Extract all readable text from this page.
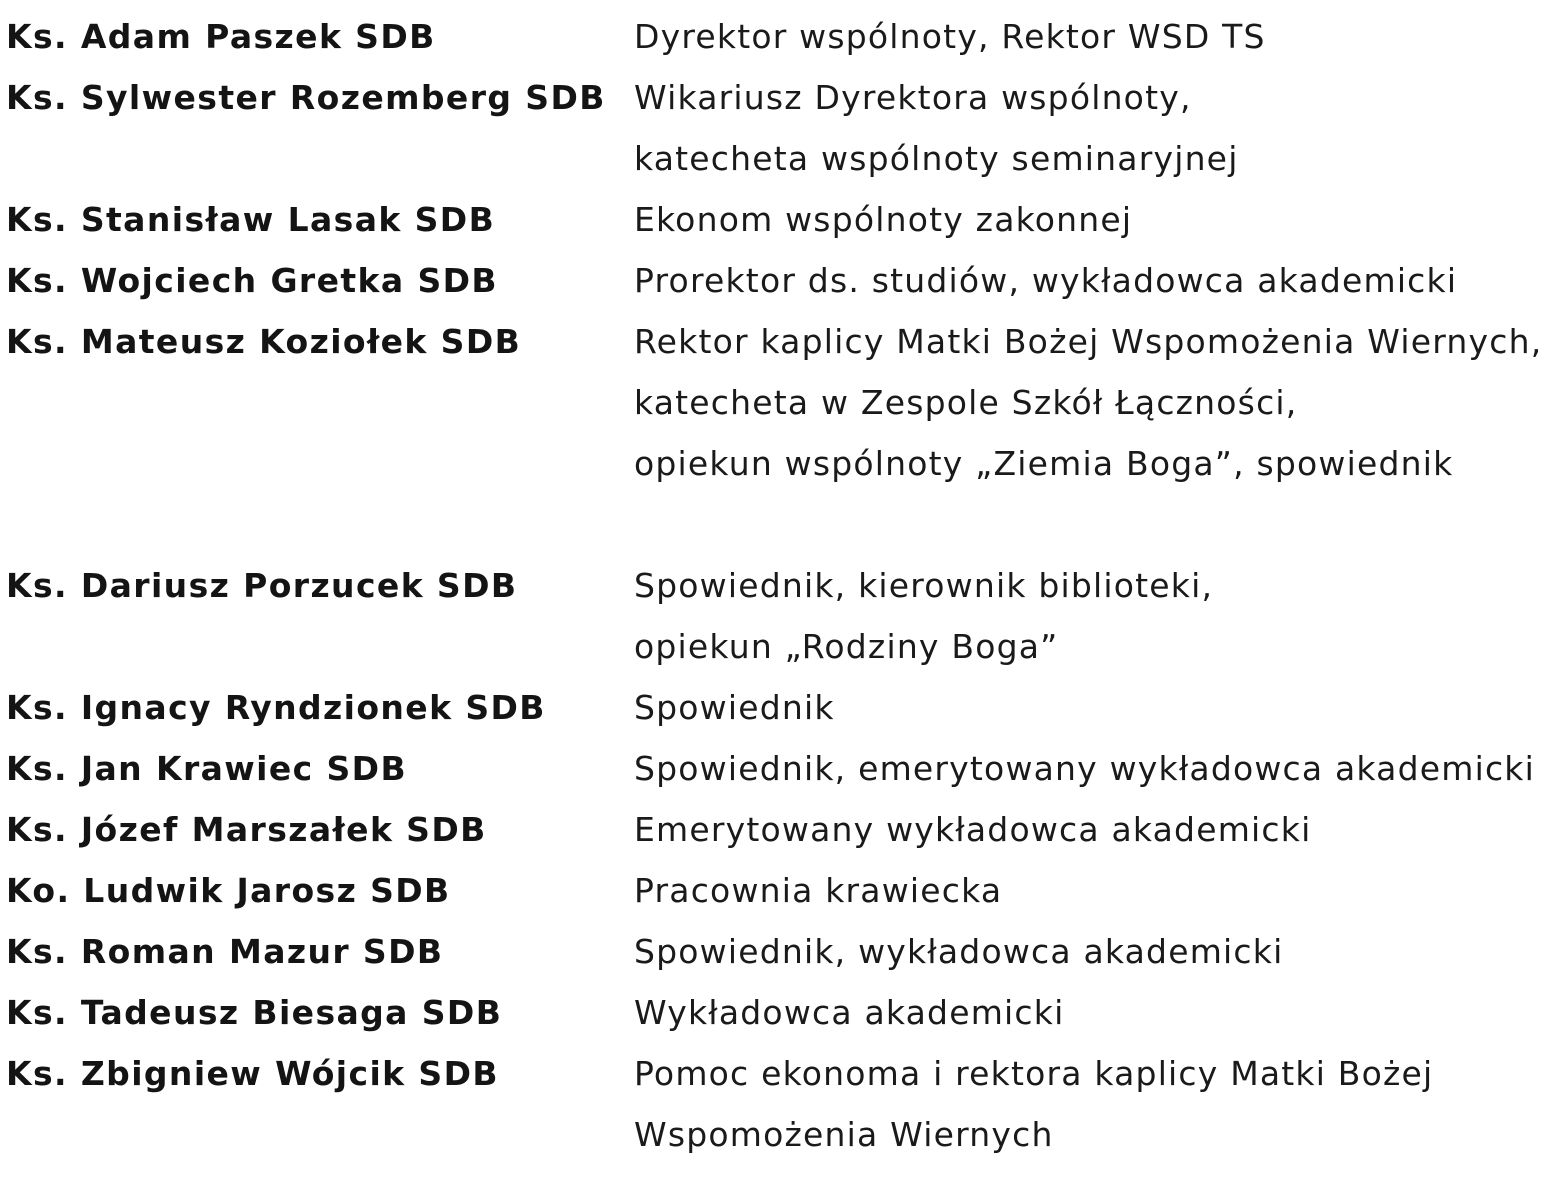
Ks. Adam Paszek SDB	Dyrektor wspólnoty, Rektor WSD TS
Ks. Sylwester Rozemberg SDB Wikariusz Dyrektora wspólnoty,
katecheta wspólnoty seminaryjnej
Ks. Stanisław Lasak SDB	Ekonom wspólnoty zakonnej
Ks. Wojciech Gretka SDB	Prorektor ds. studiów, wykładowca akademicki
Ks. Mateusz Koziołek SDB	Rektor kaplicy Matki Bożej Wspomożenia Wiernych,
katecheta w Zespole Szkół Łączności,
opiekun wspólnoty „Ziemia Boga”, spowiednik
Ks. Dariusz Porzucek SDB	Spowiednik, kierownik biblioteki,
opiekun „Rodziny Boga”
Ks. Ignacy Ryndzionek SDB	Spowiednik
Ks. Jan Krawiec SDB	Spowiednik, emerytowany wykładowca akademicki
Ks. Józef Marszałek SDB	Emerytowany wykładowca akademicki
Ko. Ludwik Jarosz SDB	Pracownia krawiecka
Ks. Roman Mazur SDB	Spowiednik, wykładowca akademicki
Ks. Tadeusz Biesaga SDB	Wykładowca akademicki
Ks. Zbigniew Wójcik SDB	Pomoc ekonoma i rektora kaplicy Matki Bożej
Wspomożenia Wiernych
